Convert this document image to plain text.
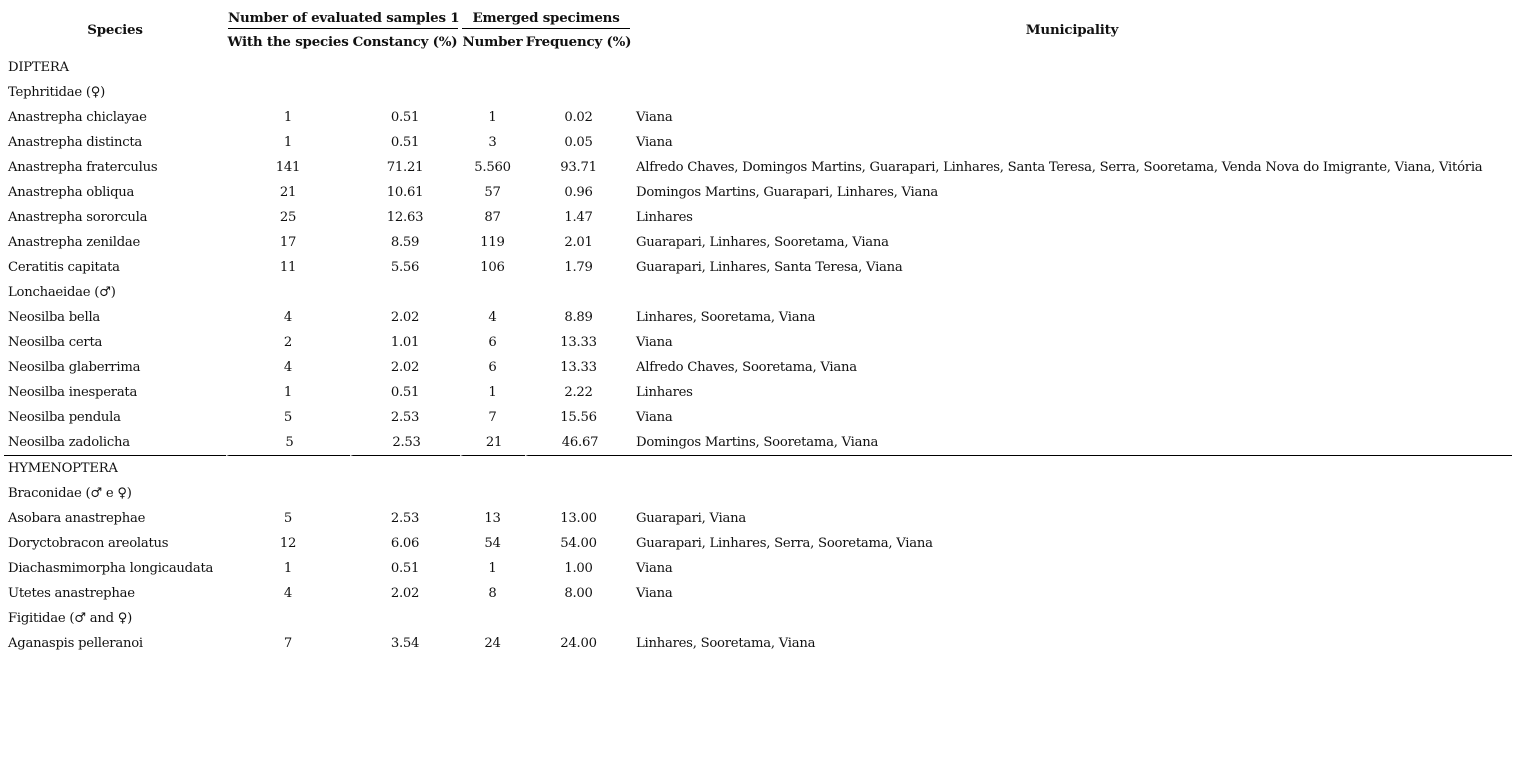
Species	Number of evaluated samples 1		Emerged specimens		Municipality
	With the species	Constancy (%)	Number	Frequency (%)	
DIPTERA					
Tephritidae (♀)					
Anastrepha chiclayae	1	0.51	1	0.02	Viana
Anastrepha distincta	1	0.51	3	0.05	Viana
Anastrepha fraterculus	141	71.21	5.560	93.71	Alfredo Chaves, Domingos Martins, Guarapari, Linhares, Santa Teresa, Serra, Sooretama, Venda Nova do Imigrante, Viana, Vitória
Anastrepha obliqua	21	10.61	57	0.96	Domingos Martins, Guarapari, Linhares, Viana
Anastrepha sororcula	25	12.63	87	1.47	Linhares
Anastrepha zenildae	17	8.59	119	2.01	Guarapari, Linhares, Sooretama, Viana
Ceratitis capitata	11	5.56	106	1.79	Guarapari, Linhares, Santa Teresa, Viana
Lonchaeidae (♂)					
Neosilba bella	4	2.02	4	8.89	Linhares, Sooretama, Viana
Neosilba certa	2	1.01	6	13.33	Viana
Neosilba glaberrima	4	2.02	6	13.33	Alfredo Chaves, Sooretama, Viana
Neosilba inesperata	1	0.51	1	2.22	Linhares
Neosilba pendula	5	2.53	7	15.56	Viana
Neosilba zadolicha	5	2.53	21	46.67	Domingos Martins, Sooretama, Viana
HYMENOPTERA					
Braconidae (♂ e ♀)					
Asobara anastrephae	5	2.53	13	13.00	Guarapari, Viana
Doryctobracon areolatus	12	6.06	54	54.00	Guarapari, Linhares, Serra, Sooretama, Viana
Diachasmimorpha longicaudata	1	0.51	1	1.00	Viana
Utetes anastrephae	4	2.02	8	8.00	Viana
Figitidae (♂ and ♀)					
Aganaspis pelleranoi	7	3.54	24	24.00	Linhares, Sooretama, Viana
